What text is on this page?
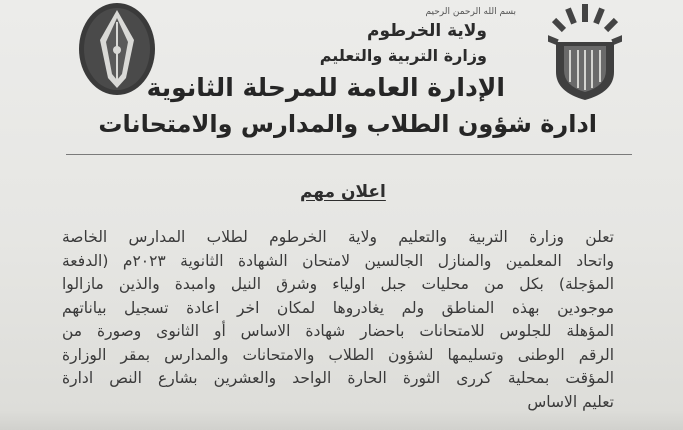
بسم الله الرحمن الرحيم
ولاية الخرطوم
وزارة التربية والتعليم
الإدارة العامة للمرحلة الثانوية
ادارة شؤون الطلاب والمدارس والامتحانات
اعلان مهم
تعلن وزارة التربية والتعليم ولاية الخرطوم لطلاب المدارس الخاصة
واتحاد المعلمين والمنازل الجالسين لامتحان الشهادة الثانوية ٢٠٢٣م (الدفعة
المؤجلة) بكل من محليات جبل اولياء وشرق النيل وامبدة والذين مازالوا
موجودين بهذه المناطق ولم يغادروها لمكان اخر اعادة تسجيل بياناتهم
المؤهلة للجلوس للامتحانات باحضار شهادة الاساس أو الثانوى وصورة من
الرقم الوطنى وتسليمها لشؤون الطلاب والامتحانات والمدارس بمقر الوزارة
المؤقت بمحلية كررى الثورة الحارة الواحد والعشرين بشارع النص ادارة
تعليم الاساس
